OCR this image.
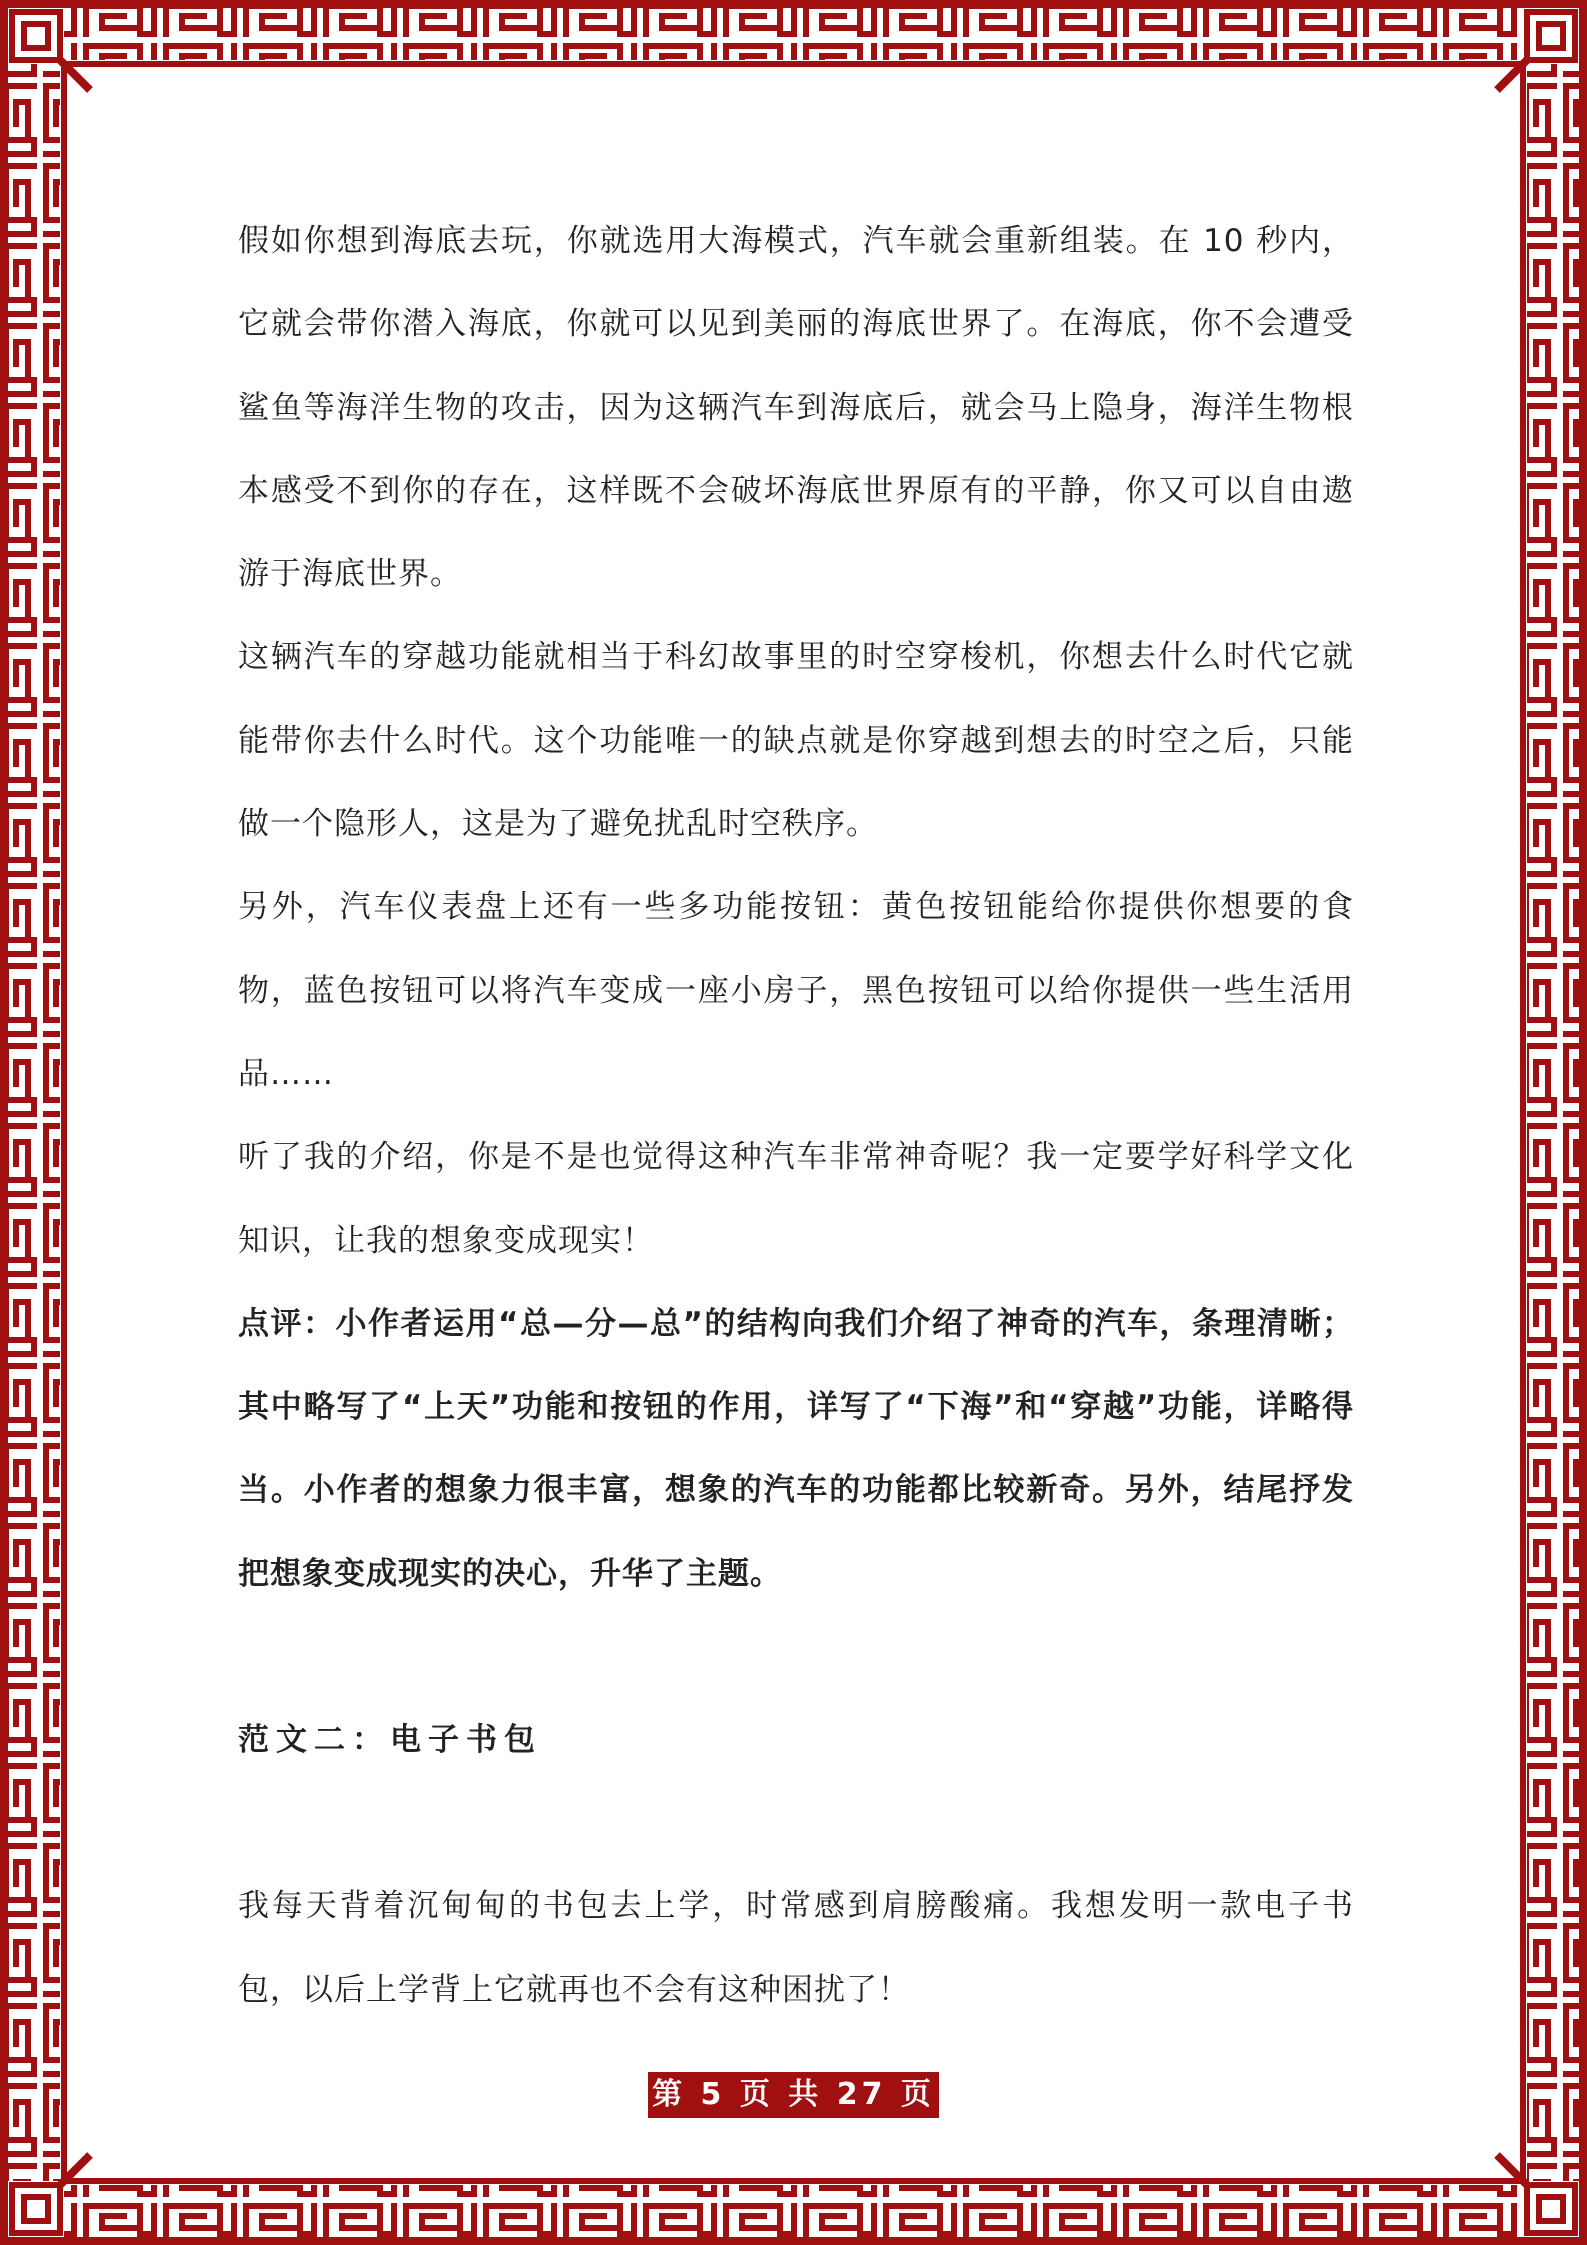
假如你想到海底去玩，你就选用大海模式，汽车就会重新组装。在 10 秒内，它就会带你潜入海底，你就可以见到美丽的海底世界了。在海底，你不会遭受鲨鱼等海洋生物的攻击，因为这辆汽车到海底后，就会马上隐身，海洋生物根本感受不到你的存在，这样既不会破坏海底世界原有的平静，你又可以自由遨游于海底世界。

这辆汽车的穿越功能就相当于科幻故事里的时空穿梭机，你想去什么时代它就能带你去什么时代。这个功能唯一的缺点就是你穿越到想去的时空之后，只能做一个隐形人，这是为了避免扰乱时空秩序。

另外，汽车仪表盘上还有一些多功能按钮：黄色按钮能给你提供你想要的食物，蓝色按钮可以将汽车变成一座小房子，黑色按钮可以给你提供一些生活用品……

听了我的介绍，你是不是也觉得这种汽车非常神奇呢？我一定要学好科学文化知识，让我的想象变成现实！

点评：小作者运用“总—分—总”的结构向我们介绍了神奇的汽车，条理清晰；其中略写了“上天”功能和按钮的作用，详写了“下海”和“穿越”功能，详略得当。小作者的想象力很丰富，想象的汽车的功能都比较新奇。另外，结尾抒发把想象变成现实的决心，升华了主题。

范文二：电子书包

我每天背着沉甸甸的书包去上学，时常感到肩膀酸痛。我想发明一款电子书包，以后上学背上它就再也不会有这种困扰了！

第 5 页 共 27 页
